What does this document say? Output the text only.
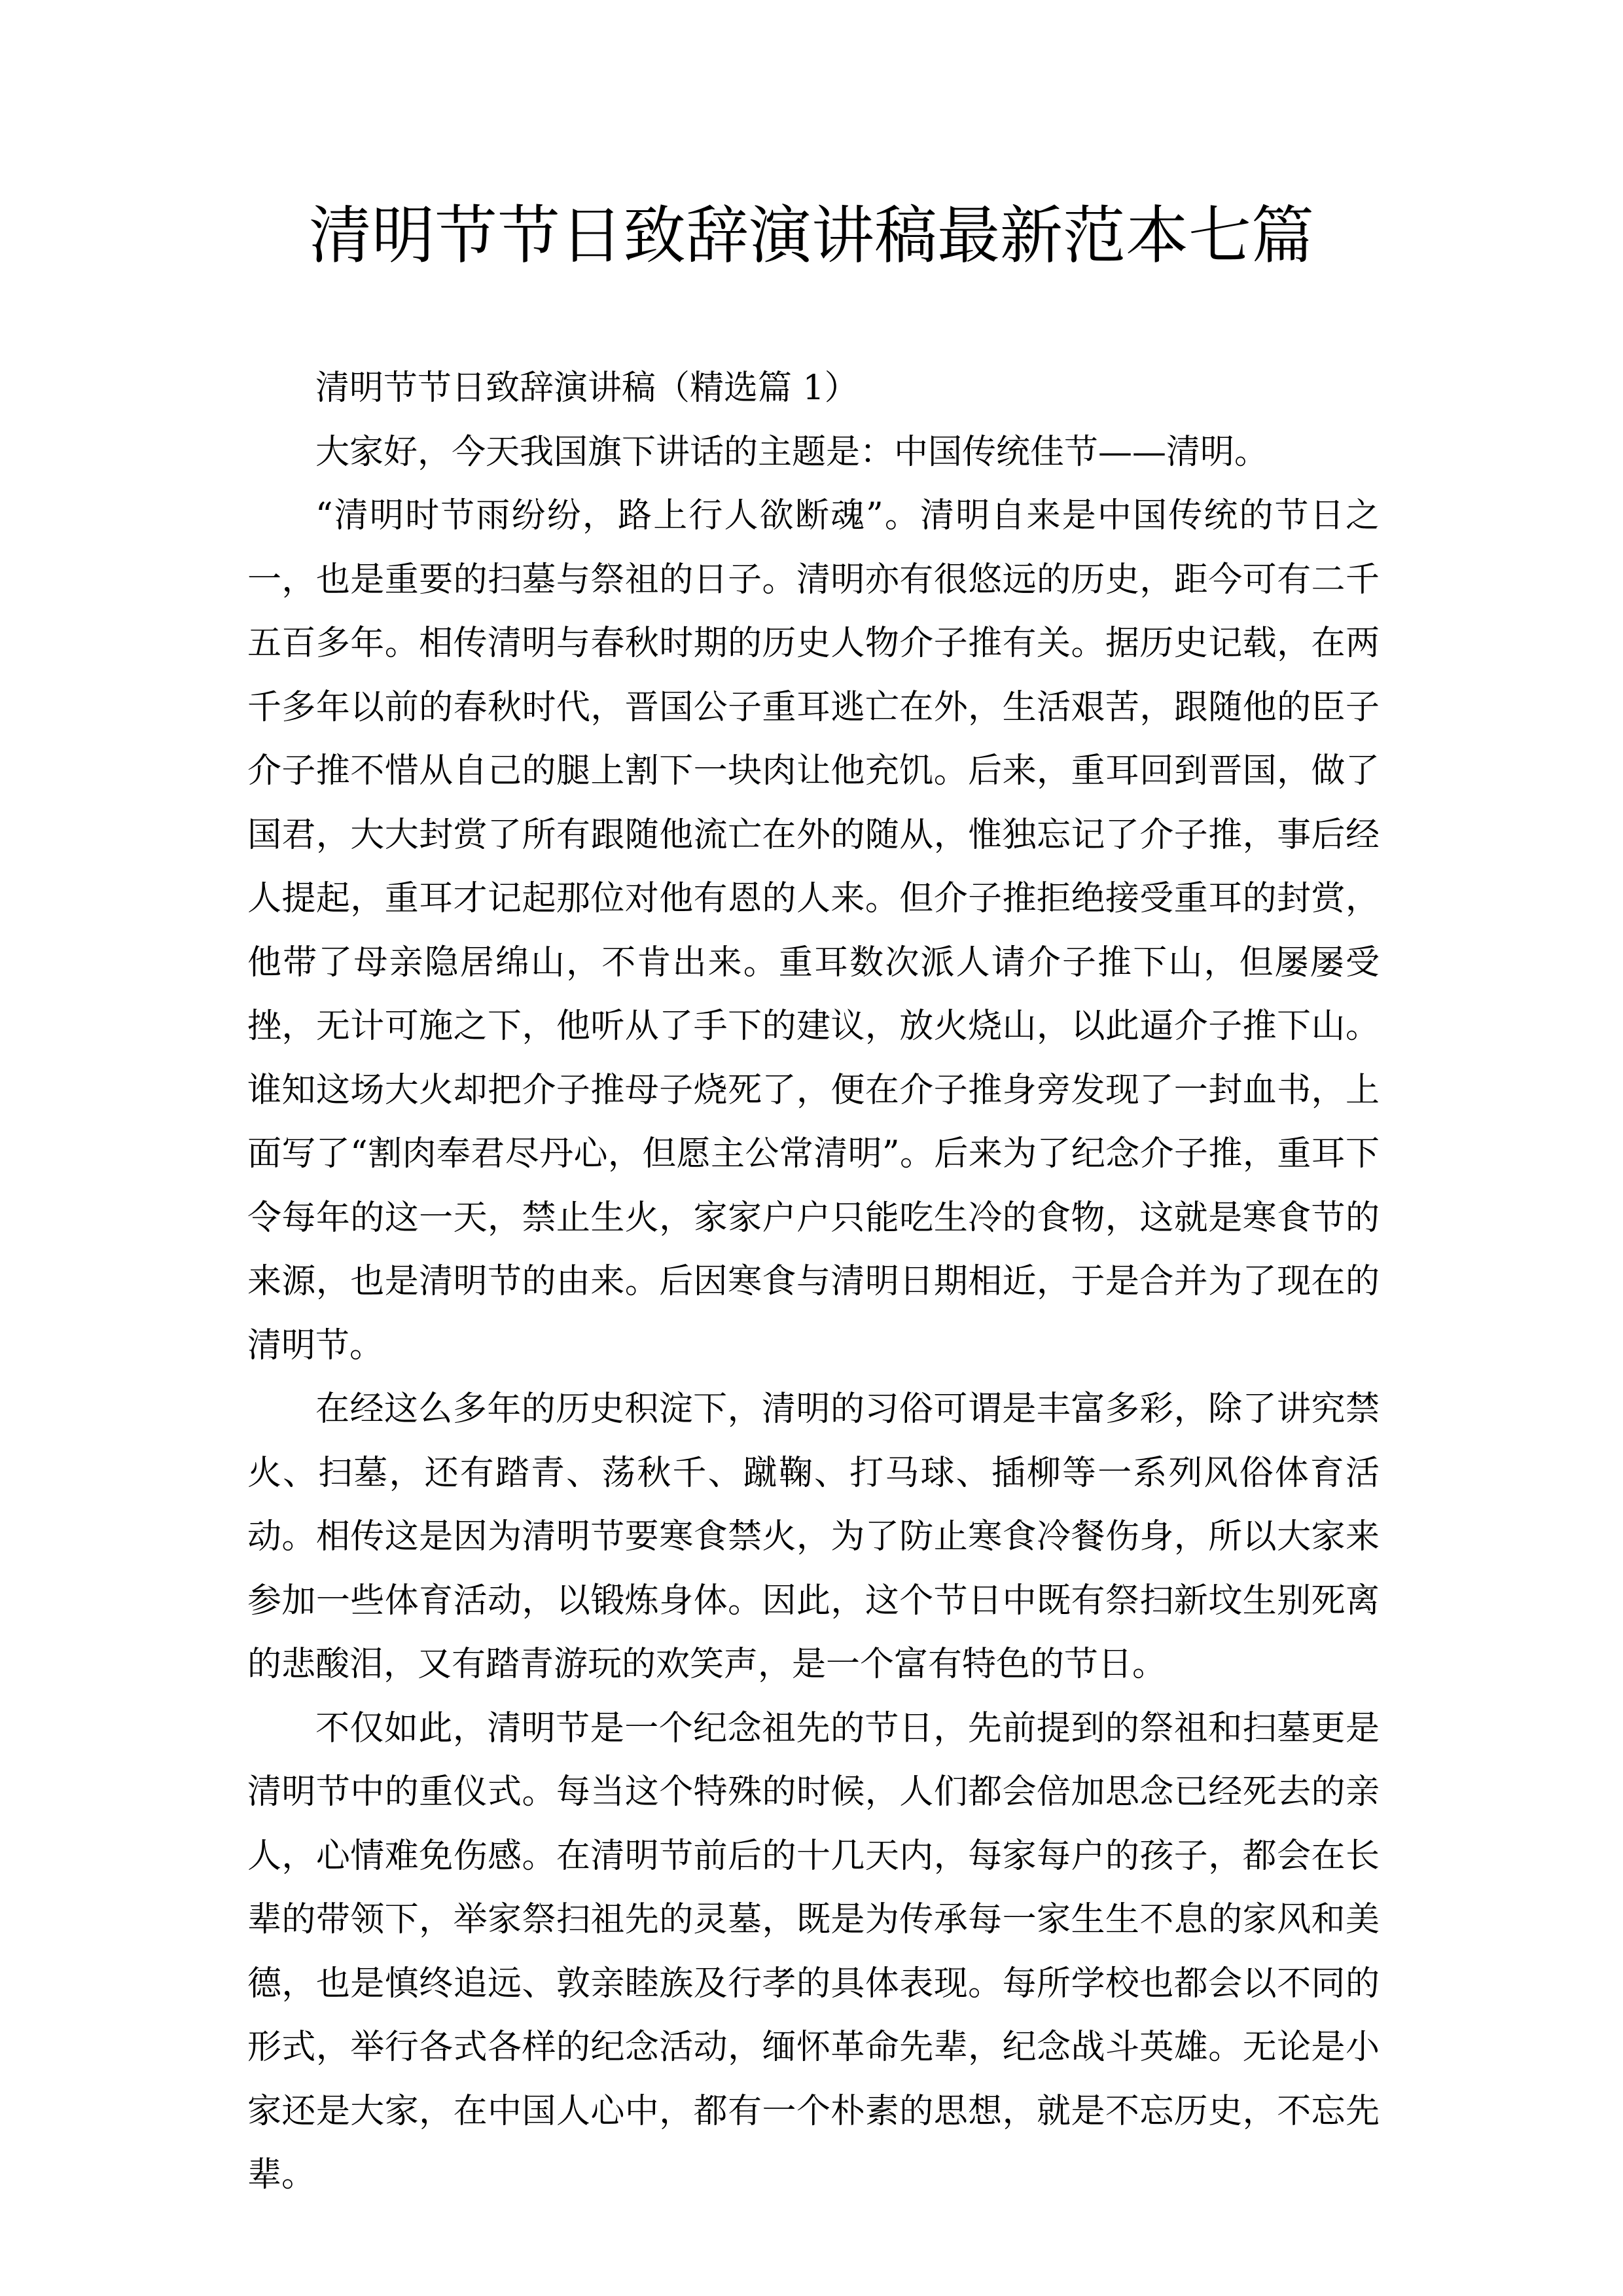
清明节节日致辞演讲稿最新范本七篇

清明节节日致辞演讲稿（精选篇 1）

大家好，今天我国旗下讲话的主题是：中国传统佳节——清明。

“清明时节雨纷纷，路上行人欲断魂”。清明自来是中国传统的节日之一，也是重要的扫墓与祭祖的日子。清明亦有很悠远的历史，距今可有二千五百多年。相传清明与春秋时期的历史人物介子推有关。据历史记载，在两千多年以前的春秋时代，晋国公子重耳逃亡在外，生活艰苦，跟随他的臣子介子推不惜从自己的腿上割下一块肉让他充饥。后来，重耳回到晋国，做了国君，大大封赏了所有跟随他流亡在外的随从，惟独忘记了介子推，事后经人提起，重耳才记起那位对他有恩的人来。但介子推拒绝接受重耳的封赏，他带了母亲隐居绵山，不肯出来。重耳数次派人请介子推下山，但屡屡受挫，无计可施之下，他听从了手下的建议，放火烧山，以此逼介子推下山。谁知这场大火却把介子推母子烧死了，便在介子推身旁发现了一封血书，上面写了“割肉奉君尽丹心，但愿主公常清明”。后来为了纪念介子推，重耳下令每年的这一天，禁止生火，家家户户只能吃生冷的食物，这就是寒食节的来源，也是清明节的由来。后因寒食与清明日期相近，于是合并为了现在的清明节。

在经这么多年的历史积淀下，清明的习俗可谓是丰富多彩，除了讲究禁火、扫墓，还有踏青、荡秋千、蹴鞠、打马球、插柳等一系列风俗体育活动。相传这是因为清明节要寒食禁火，为了防止寒食冷餐伤身，所以大家来参加一些体育活动，以锻炼身体。因此，这个节日中既有祭扫新坟生别死离的悲酸泪，又有踏青游玩的欢笑声，是一个富有特色的节日。

不仅如此，清明节是一个纪念祖先的节日，先前提到的祭祖和扫墓更是清明节中的重仪式。每当这个特殊的时候，人们都会倍加思念已经死去的亲人，心情难免伤感。在清明节前后的十几天内，每家每户的孩子，都会在长辈的带领下，举家祭扫祖先的灵墓，既是为传承每一家生生不息的家风和美德，也是慎终追远、敦亲睦族及行孝的具体表现。每所学校也都会以不同的形式，举行各式各样的纪念活动，缅怀革命先辈，纪念战斗英雄。无论是小家还是大家，在中国人心中，都有一个朴素的思想，就是不忘历史，不忘先辈。
